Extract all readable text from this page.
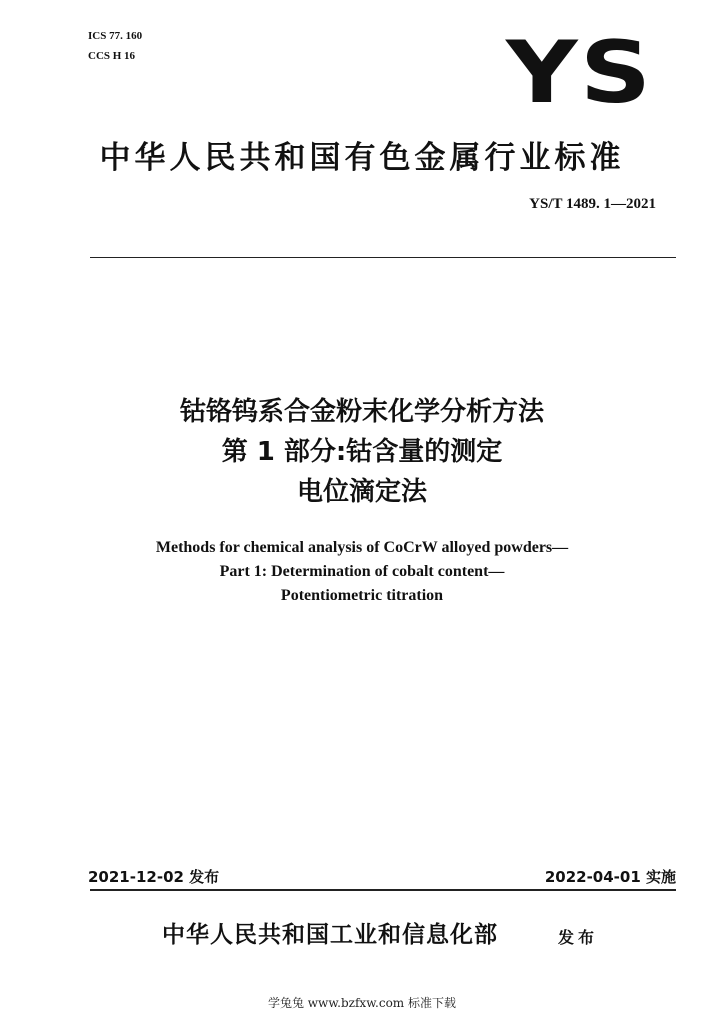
ICS 77. 160
CCS H 16	YS
中华人民共和国有色金属行业标准
YS/T 1489. 1—2021
钴铬钨系合金粉末化学分析方法
第 1 部分:钴含量的测定
电位滴定法
Methods for chemical analysis of CoCrW alloyed powders—
Part 1: Determination of cobalt content—
Potentiometric titration
2021-12-02 发布	2022-04-01 实施
中华人民共和国工业和信息化部	发布
学兔兔 www.bzfxw.com 标准下载
